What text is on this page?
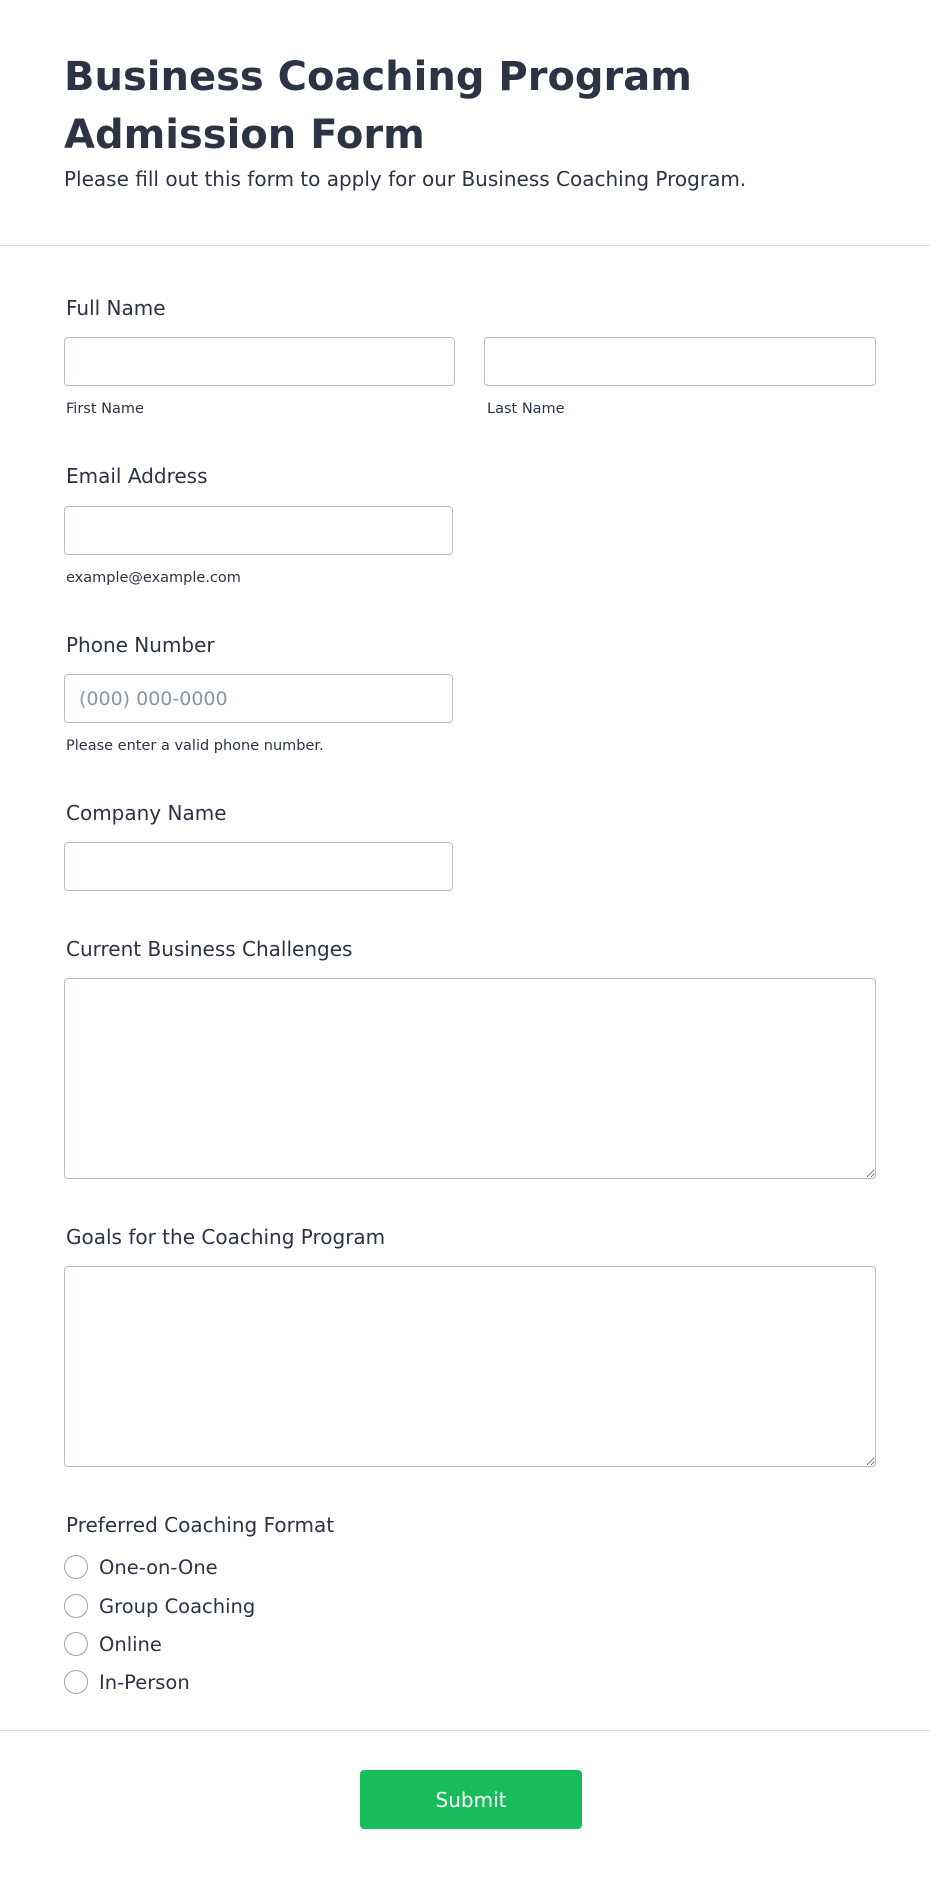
Business Coaching Program Admission Form

Please fill out this form to apply for our Business Coaching Program.

Full Name
First Name	Last Name
Email Address
example@example.com
Phone Number
(000) 000-0000
Please enter a valid phone number.
Company Name
Current Business Challenges
Goals for the Coaching Program
Preferred Coaching Format
One-on-One
Group Coaching
Online
In-Person
Submit
